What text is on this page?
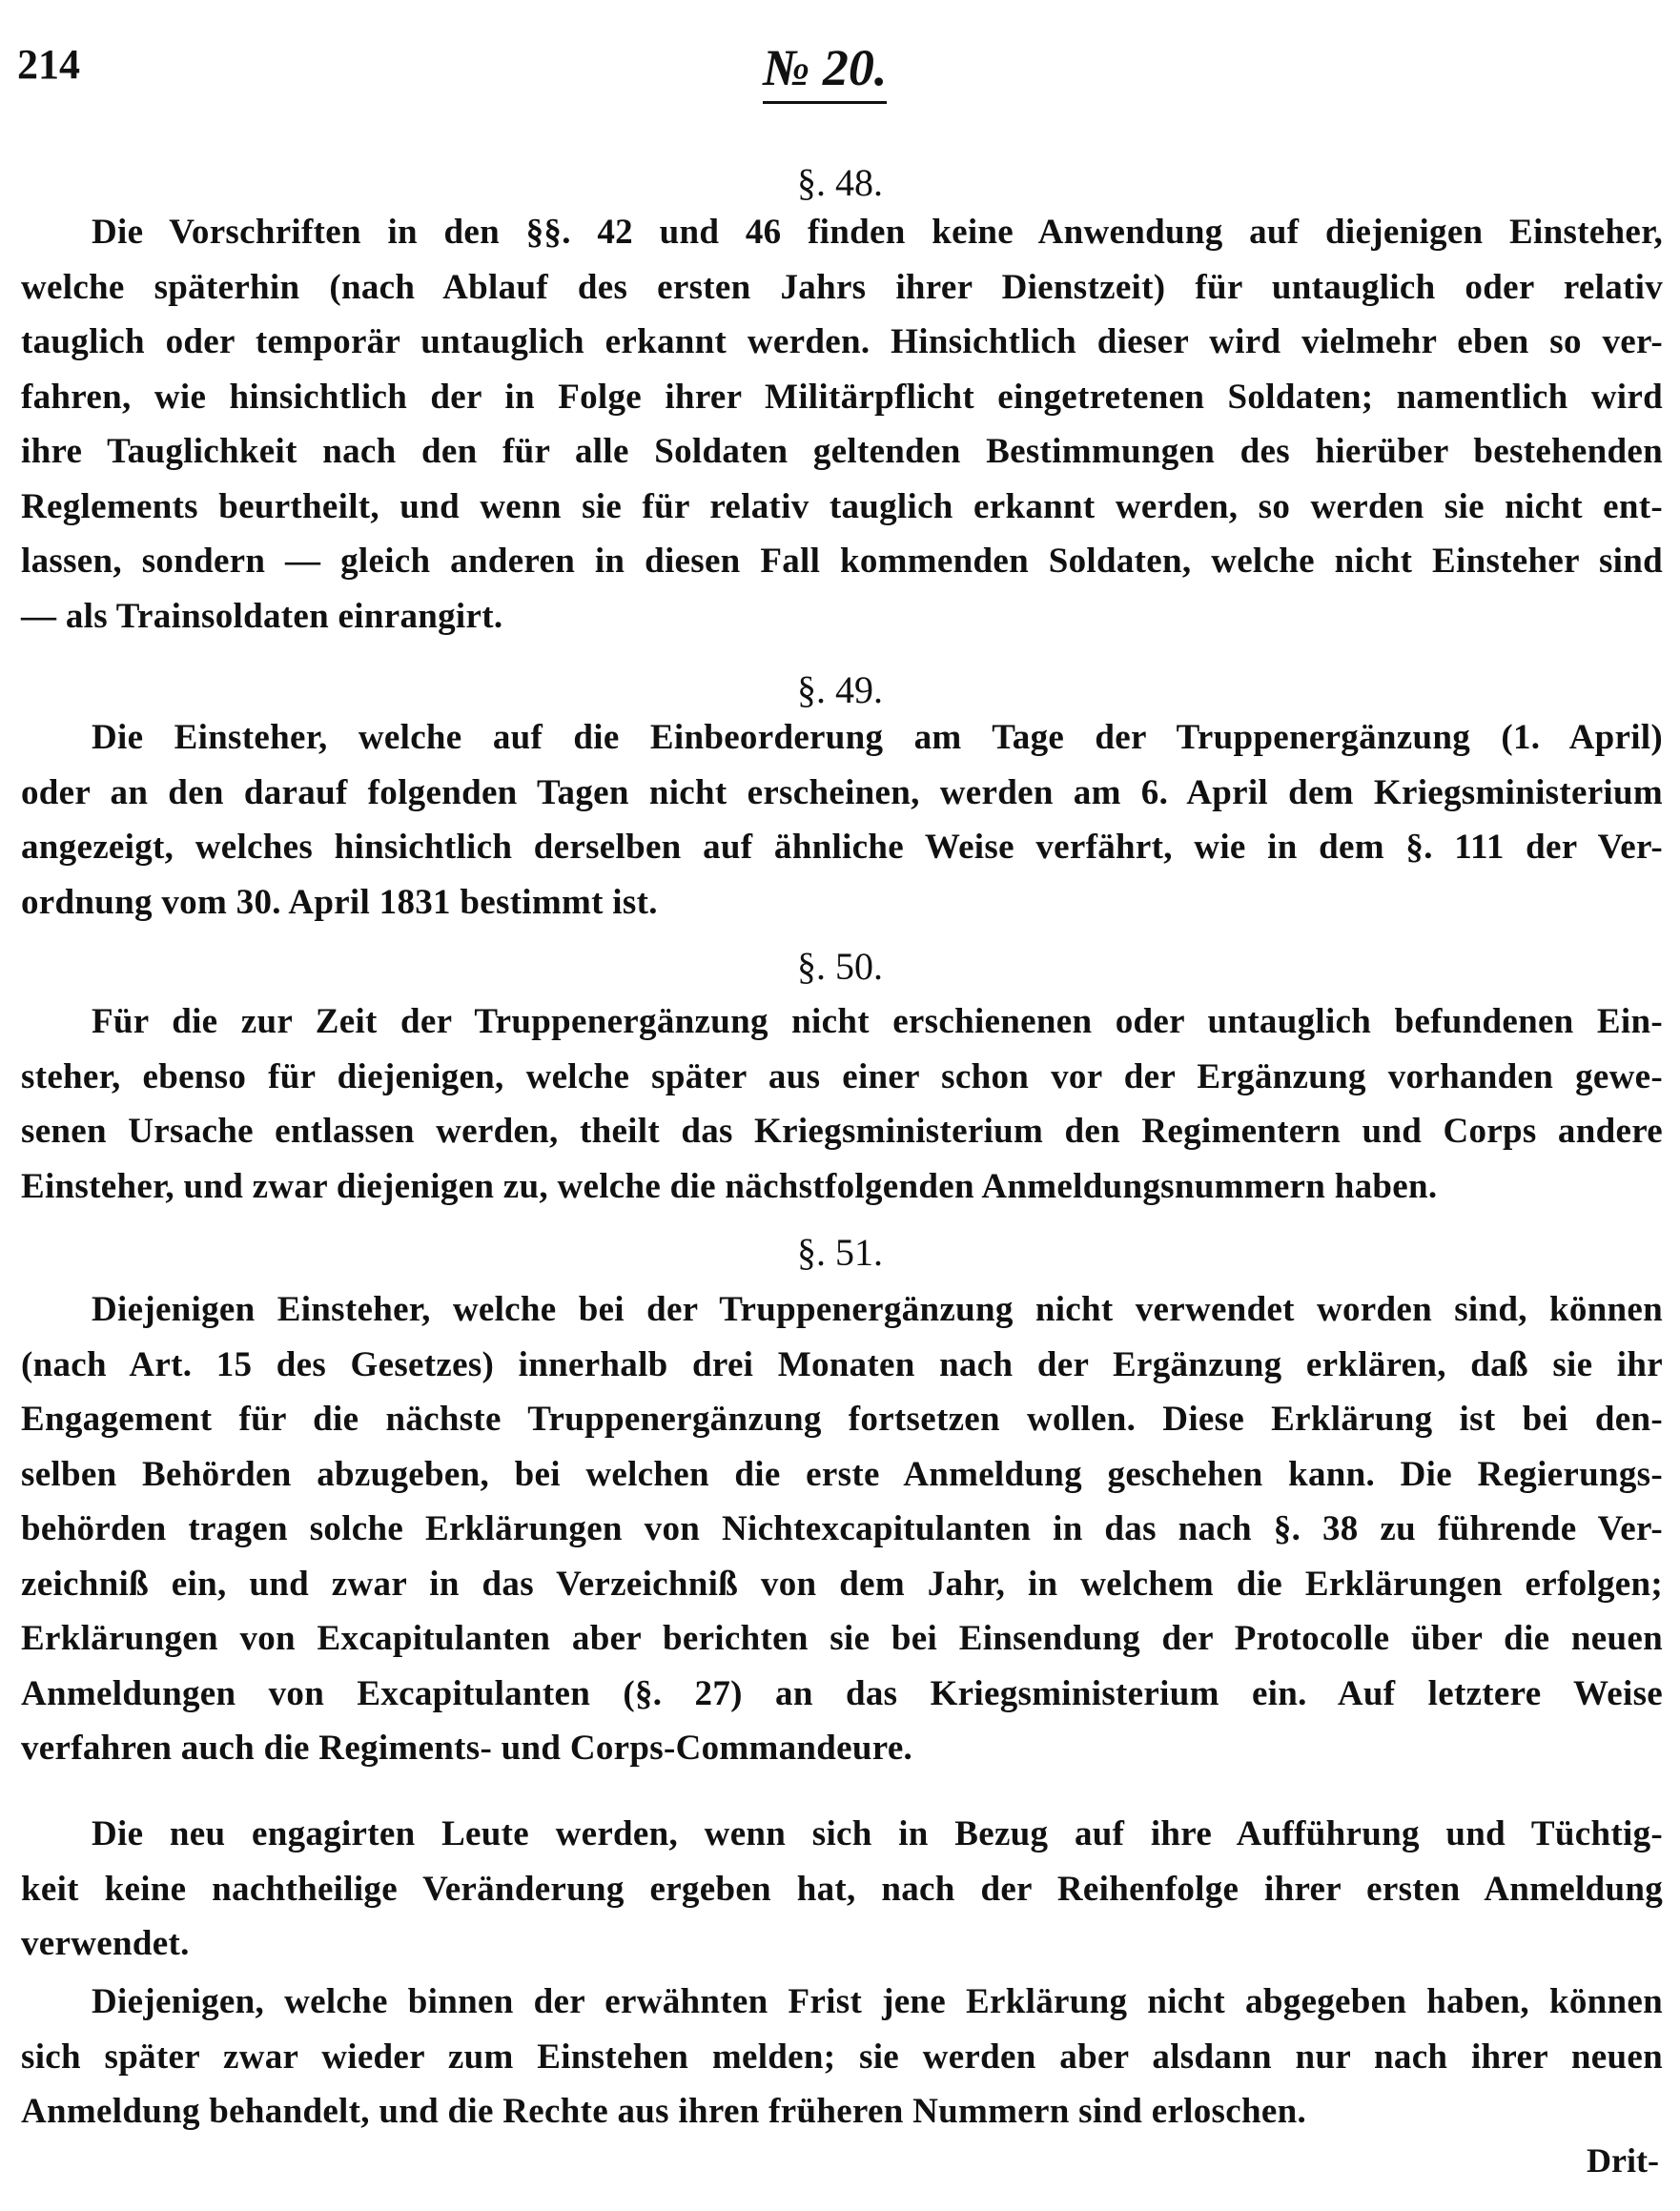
214	№ 20.
§. 48.
Die Vorschriften in den §§. 42 und 46 finden keine Anwendung auf diejenigen Einsteher,
welche späterhin (nach Ablauf des ersten Jahrs ihrer Dienstzeit) für untauglich oder relativ
tauglich oder temporär untauglich erkannt werden. Hinsichtlich dieser wird vielmehr eben so ver-
fahren, wie hinsichtlich der in Folge ihrer Militärpflicht eingetretenen Soldaten; namentlich wird
ihre Tauglichkeit nach den für alle Soldaten geltenden Bestimmungen des hierüber bestehenden
Reglements beurtheilt, und wenn sie für relativ tauglich erkannt werden, so werden sie nicht ent-
lassen, sondern — gleich anderen in diesen Fall kommenden Soldaten, welche nicht Einsteher sind
— als Trainsoldaten einrangirt.
§. 49.
Die Einsteher, welche auf die Einbeorderung am Tage der Truppenergänzung (1. April)
oder an den darauf folgenden Tagen nicht erscheinen, werden am 6. April dem Kriegsministerium
angezeigt, welches hinsichtlich derselben auf ähnliche Weise verfährt, wie in dem §. 111 der Ver-
ordnung vom 30. April 1831 bestimmt ist.
§. 50.
Für die zur Zeit der Truppenergänzung nicht erschienenen oder untauglich befundenen Ein-
steher, ebenso für diejenigen, welche später aus einer schon vor der Ergänzung vorhanden gewe-
senen Ursache entlassen werden, theilt das Kriegsministerium den Regimentern und Corps andere
Einsteher, und zwar diejenigen zu, welche die nächstfolgenden Anmeldungsnummern haben.
§. 51.
Diejenigen Einsteher, welche bei der Truppenergänzung nicht verwendet worden sind, können
(nach Art. 15 des Gesetzes) innerhalb drei Monaten nach der Ergänzung erklären, daß sie ihr
Engagement für die nächste Truppenergänzung fortsetzen wollen. Diese Erklärung ist bei den-
selben Behörden abzugeben, bei welchen die erste Anmeldung geschehen kann. Die Regierungs-
behörden tragen solche Erklärungen von Nichtexcapitulanten in das nach §. 38 zu führende Ver-
zeichniß ein, und zwar in das Verzeichniß von dem Jahr, in welchem die Erklärungen erfolgen;
Erklärungen von Excapitulanten aber berichten sie bei Einsendung der Protocolle über die neuen
Anmeldungen von Excapitulanten (§. 27) an das Kriegsministerium ein. Auf letztere Weise
verfahren auch die Regiments- und Corps-Commandeure.
Die neu engagirten Leute werden, wenn sich in Bezug auf ihre Aufführung und Tüchtig-
keit keine nachtheilige Veränderung ergeben hat, nach der Reihenfolge ihrer ersten Anmeldung
verwendet.
Diejenigen, welche binnen der erwähnten Frist jene Erklärung nicht abgegeben haben, können
sich später zwar wieder zum Einstehen melden; sie werden aber alsdann nur nach ihrer neuen
Anmeldung behandelt, und die Rechte aus ihren früheren Nummern sind erloschen.
Drit-
